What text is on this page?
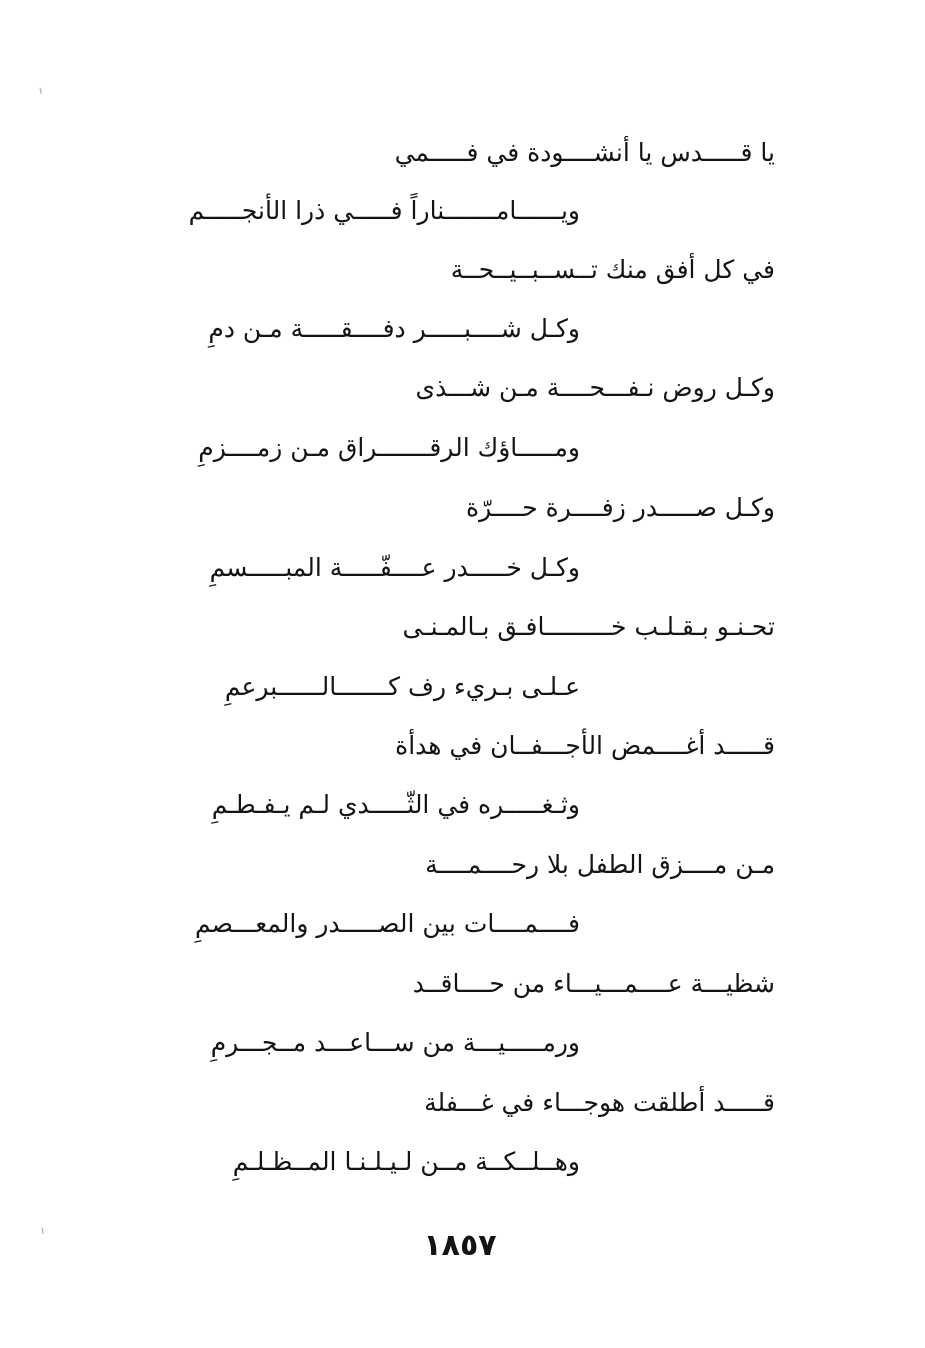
١
١
يا قـــــدس يا أنشــــودة في فـــــمي
ويــــــامـــــــناراً فـــــي ذرا الأنجـــــم
في كل أفق منك تــســبــيــحــة
وكـل شــــبـــــر دفــــقـــــة مـن دمِ
وكـل روض نـفـــحــــة مـن شـــذى
ومـــــاؤك الرقـــــــراق مـن زمــــزمِ
وكـل صـــــدر زفــــرة حــــرّة
وكـل خـــــدر عــــفّـــــة المبـــــسمِ
تحـنـو بـقـلـب خـــــــــافـق بـالمـنـى
عـلـى بـريء رف كـــــــالــــــبرعمِ
قـــــد أغــــمض الأجـــفــان في هدأة
وثـغـــــره في الثّـــــدي لـم يـفـطـمِ
مـن مــــزق الطفل بلا رحــــمــــة
فــــمــــات بين الصـــــدر والمعـــصمِ
شظيـــة عــــمـــيـــاء من حــــاقــد
ورمـــــيـــة من ســـاعـــد مــجـــرمِ
قـــــد أطلقت هوجـــاء في غـــفلة
وهــلــكــة مــن لـيـلـنـا المــظـلـمِ
١٨٥٧
